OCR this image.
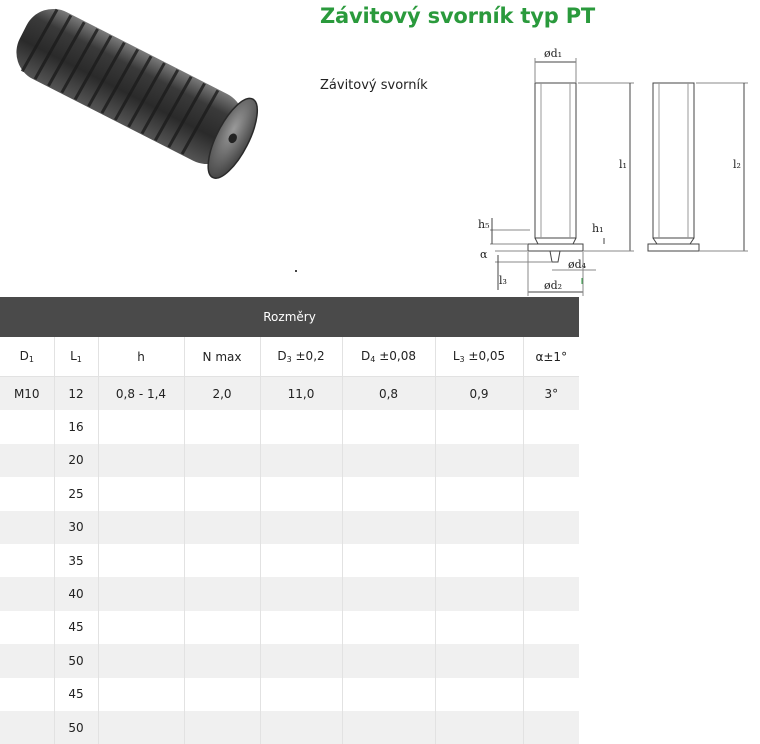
Závitový svorník typ PT
Závitový svorník
ød₁
l₁	l₂
h₅	h₁
α
l₃
ød₄
ød₂
Rozměry							
$D_1$	$L_1$	h	N max	$D_3 \pm 0,2$	$D_4 \pm 0,08$	$L_3 \pm 0,05$	α±1°
M10	12	0,8 - 1,4	2,0	11,0	0,8	0,9	3°
	16						
	20						
	25						
	30						
	35						
	40						
	45						
	50						
	45						
	50						
